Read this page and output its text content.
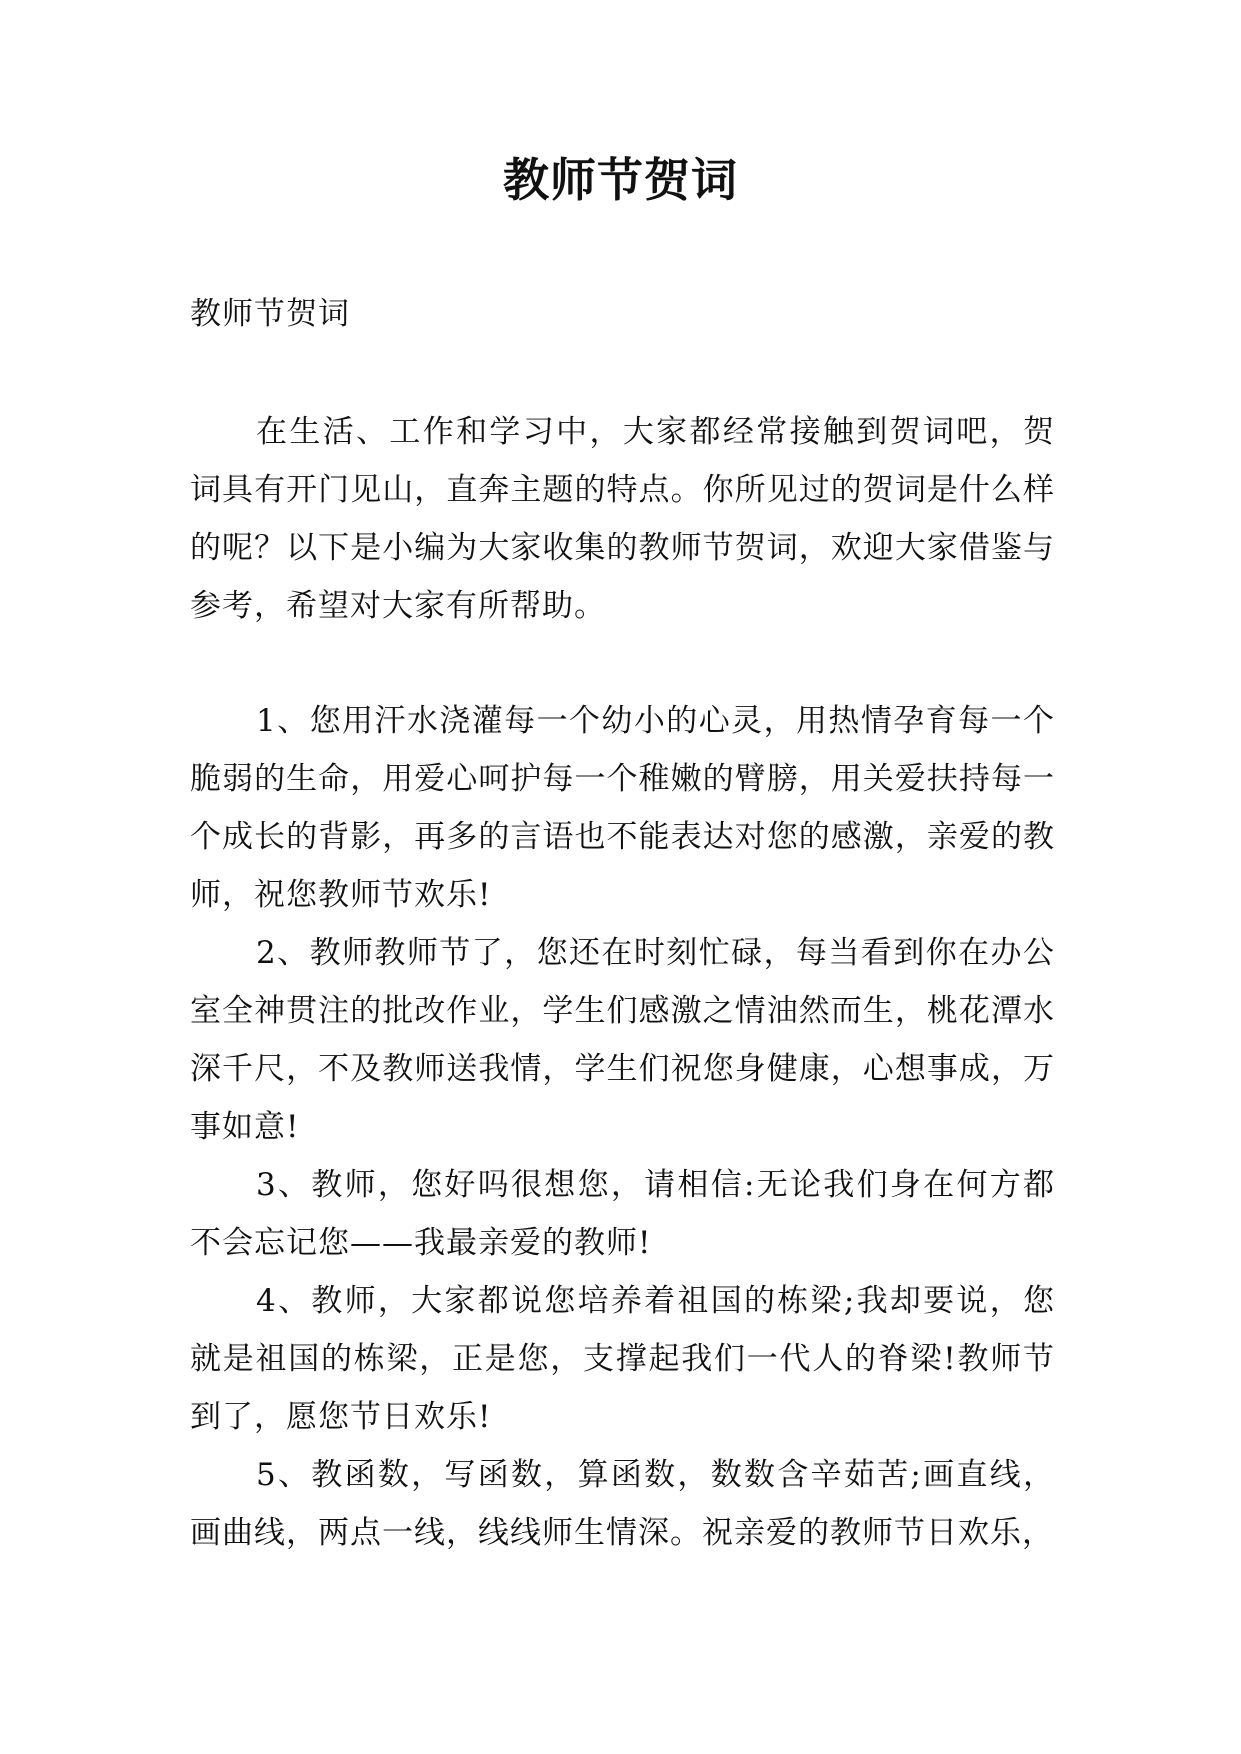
教师节贺词

教师节贺词

在生活、工作和学习中，大家都经常接触到贺词吧，贺词具有开门见山，直奔主题的特点。你所见过的贺词是什么样的呢？以下是小编为大家收集的教师节贺词，欢迎大家借鉴与参考，希望对大家有所帮助。

1、您用汗水浇灌每一个幼小的心灵，用热情孕育每一个脆弱的生命，用爱心呵护每一个稚嫩的臂膀，用关爱扶持每一个成长的背影，再多的言语也不能表达对您的感激，亲爱的教师，祝您教师节欢乐!

2、教师教师节了，您还在时刻忙碌，每当看到你在办公室全神贯注的批改作业，学生们感激之情油然而生，桃花潭水深千尺，不及教师送我情，学生们祝您身健康，心想事成，万事如意!

3、教师，您好吗很想您，请相信:无论我们身在何方都不会忘记您——我最亲爱的教师!

4、教师，大家都说您培养着祖国的栋梁;我却要说，您就是祖国的栋梁，正是您，支撑起我们一代人的脊梁!教师节到了，愿您节日欢乐!

5、教函数，写函数，算函数，数数含辛茹苦;画直线，画曲线，两点一线，线线师生情深。祝亲爱的教师节日欢乐，
